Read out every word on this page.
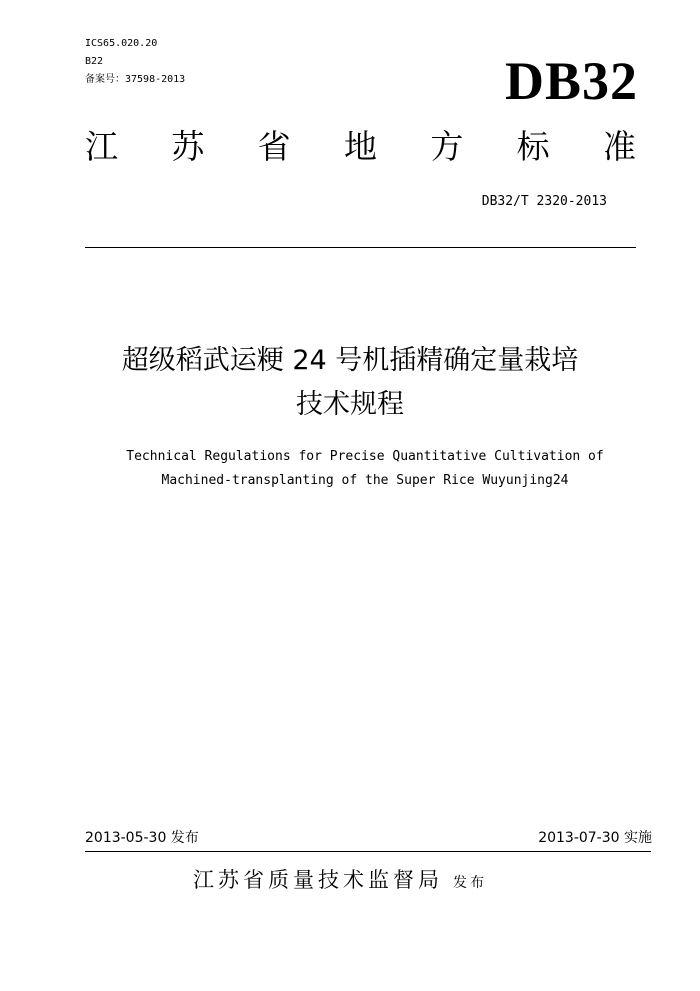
ICS65.020.20
B22
备案号：37598-2013	DB32
江 苏 省 地 方 标 准
DB32/T 2320-2013
超级稻武运粳 24 号机插精确定量栽培
技术规程
Technical Regulations for Precise Quantitative Cultivation of
Machined-transplanting of the Super Rice Wuyunjing24
2013-05-30 发布	2013-07-30 实施
江苏省质量技术监督局 发布
